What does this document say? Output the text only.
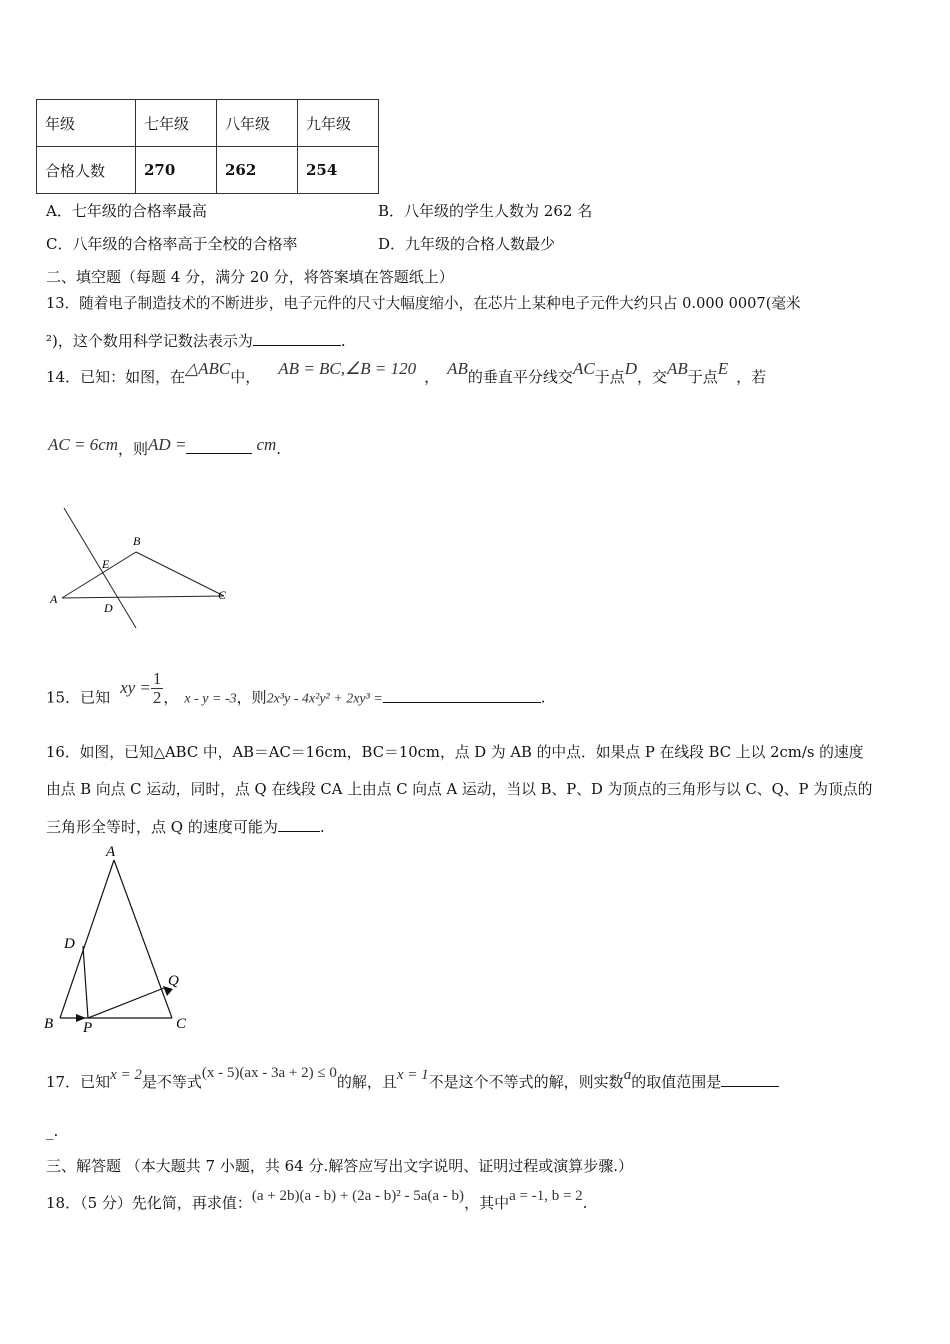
年级	七年级	八年级	九年级
合格人数	270	262	254
A．七年级的合格率最高	B．八年级的学生人数为 262 名
C．八年级的合格率高于全校的合格率	D．九年级的合格人数最少
二、填空题（每题 4 分，满分 20 分，将答案填在答题纸上）
13．随着电子制造技术的不断进步，电子元件的尺寸大幅度缩小，在芯片上某种电子元件大约只占 0.000 0007(毫米
²)，这个数用科学记数法表示为	.
14．已知：如图，在△ABC中， AB = BC,∠B = 120 ， AB的垂直平分线交AC于点D，交AB于点E ，若
AC = 6cm，则AD =	cm.
B
E
A
D
C
15．已知xy = $\frac{1}{2}$ ， x - y = -3，则2x³y - 4x²y² + 2xy³ =	.
16．如图，已知△ABC 中，AB＝AC＝16cm，BC＝10cm，点 D 为 AB 的中点．如果点 P 在线段 BC 上以 2cm/s 的速度
由点 B 向点 C 运动，同时，点 Q 在线段 CA 上由点 C 向点 A 运动，当以 B、P、D 为顶点的三角形与以 C、Q、P 为顶点的
三角形全等时，点 Q 的速度可能为	.
A
D
Q
B P	C
17．已知x = 2是不等式(x - 5)(ax - 3a + 2) ≤ 0的解，且x = 1不是这个不等式的解，则实数a的取值范围是
_.
三、解答题 （本大题共 7 小题，共 64 分.解答应写出文字说明、证明过程或演算步骤.）
18．（5 分）先化简，再求值：(a + 2b)(a - b) + (2a - b)² - 5a(a - b)，其中a = -1, b = 2.
